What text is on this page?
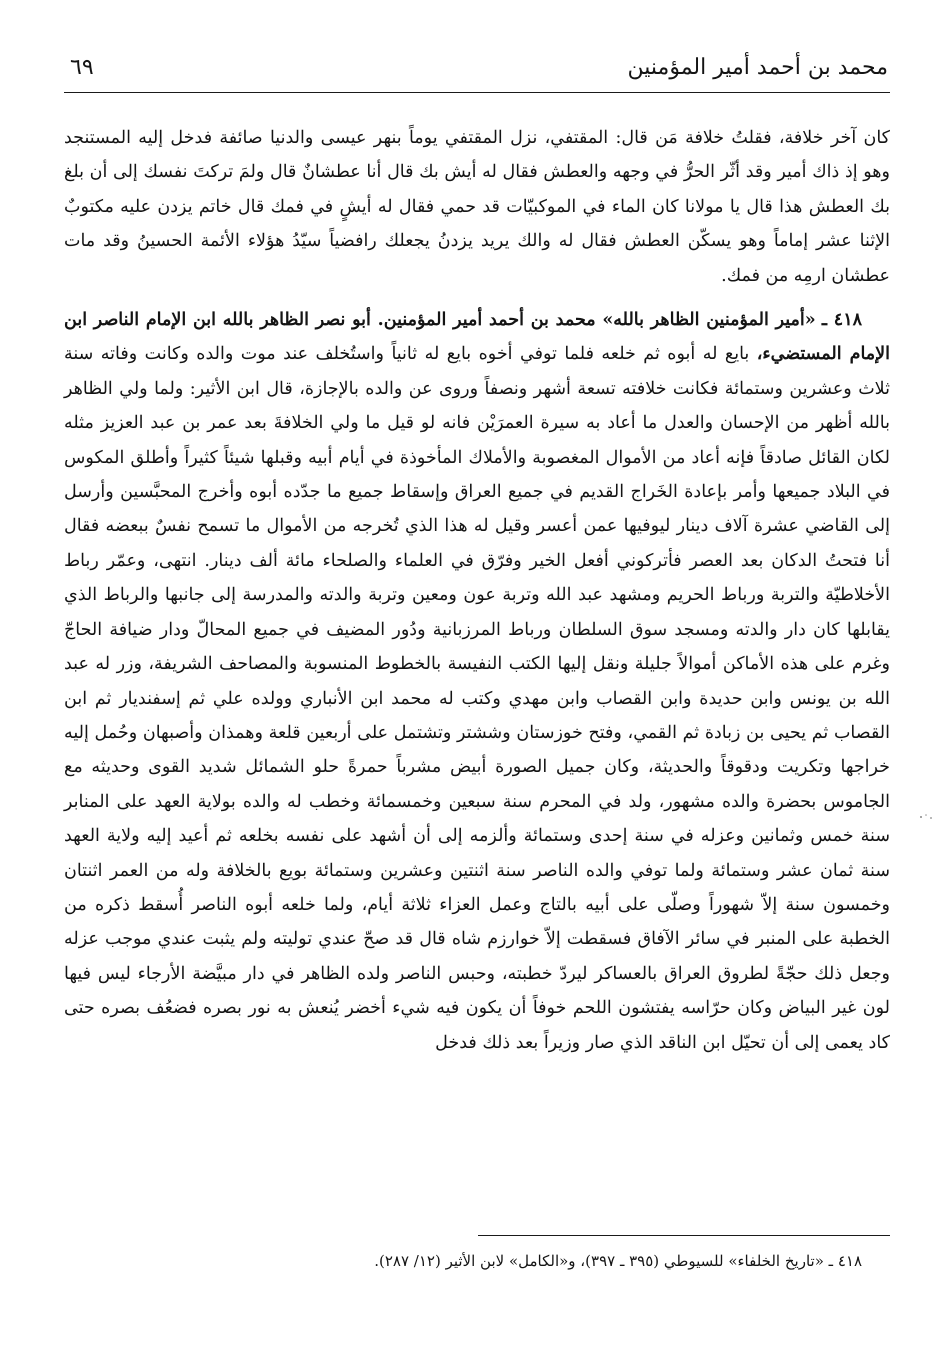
محمد بن أحمد أمير المؤمنين
٦٩

كان آخر خلافة، فقلتُ خلافة مَن قال: المقتفي، نزل المقتفي يوماً بنهر عيسى والدنيا صائفة فدخل إليه المستنجد وهو إذ ذاك أمير وقد أثّر الحرُّ في وجهه والعطش فقال له أيش بك قال أنا عطشانٌ قال ولمَ تركتَ نفسك إلى أن بلغ بك العطش هذا قال يا مولانا كان الماء في الموكبيّات قد حمي فقال له أيشٍ في فمك قال خاتم يزدن عليه مكتوبٌ الإثنا عشر إماماً وهو يسكّن العطش فقال له والك يريد يزدنُ يجعلك رافضياً سيّدُ هؤلاء الأئمة الحسينُ وقد مات عطشان ارمِه من فمك.

٤١٨ ـ «أمير المؤمنين الظاهر بالله» محمد بن أحمد أمير المؤمنين. أبو نصر الظاهر بالله ابن الإمام الناصر ابن الإمام المستضيء، بايع له أبوه ثم خلعه فلما توفي أخوه بايع له ثانياً واستُخلف عند موت والده وكانت وفاته سنة ثلاث وعشرين وستمائة فكانت خلافته تسعة أشهر ونصفاً وروى عن والده بالإجازة، قال ابن الأثير: ولما ولي الظاهر بالله أظهر من الإحسان والعدل ما أعاد به سيرة العمرَيْن فانه لو قيل ما ولي الخلافةَ بعد عمر بن عبد العزيز مثله لكان القائل صادقاً فإنه أعاد من الأموال المغصوبة والأملاك المأخوذة في أيام أبيه وقبلها شيئاً كثيراً وأطلق المكوس في البلاد جميعها وأمر بإعادة الخَراج القديم في جميع العراق وإسقاط جميع ما جدّده أبوه وأخرج المحبَّسين وأرسل إلى القاضي عشرة آلاف دينار ليوفيها عمن أعسر وقيل له هذا الذي تُخرجه من الأموال ما تسمح نفسٌ ببعضه فقال أنا فتحتُ الدكان بعد العصر فأتركوني أفعل الخير وفرّق في العلماء والصلحاء مائة ألف دينار. انتهى، وعمّر رباط الأخلاطيّة والتربة ورباط الحريم ومشهد عبد الله وتربة عون ومعين وتربة والدته والمدرسة إلى جانبها والرباط الذي يقابلها كان دار والدته ومسجد سوق السلطان ورباط المرزبانية ودُور المضيف في جميع المحالّ ودار ضيافة الحاجّ وغرم على هذه الأماكن أموالاً جليلة ونقل إليها الكتب النفيسة بالخطوط المنسوبة والمصاحف الشريفة، وزر له عبد الله بن يونس وابن حديدة وابن القصاب وابن مهدي وكتب له محمد ابن الأنباري وولده علي ثم إسفنديار ثم ابن القصاب ثم يحيى بن زبادة ثم القمي، وفتح خوزستان وششتر وتشتمل على أربعين قلعة وهمذان وأصبهان وحُمل إليه خراجها وتكريت ودقوقاً والحديثة، وكان جميل الصورة أبيض مشرباً حمرةً حلو الشمائل شديد القوى وحديثه مع الجاموس بحضرة والده مشهور، ولد في المحرم سنة سبعين وخمسمائة وخطب له والده بولاية العهد على المنابر سنة خمس وثمانين وعزله في سنة إحدى وستمائة وألزمه إلى أن أشهد على نفسه بخلعه ثم أعيد إليه ولاية العهد سنة ثمان عشر وستمائة ولما توفي والده الناصر سنة اثنتين وعشرين وستمائة بويع بالخلافة وله من العمر اثنتان وخمسون سنة إلاّ شهوراً وصلّى على أبيه بالتاج وعمل العزاء ثلاثة أيام، ولما خلعه أبوه الناصر أُسقط ذكره من الخطبة على المنبر في سائر الآفاق فسقطت إلاّ خوارزم شاه قال قد صحّ عندي توليته ولم يثبت عندي موجب عزله وجعل ذلك حجّةً لطروق العراق بالعساكر ليردّ خطبته، وحبس الناصر ولده الظاهر في دار مبيَّضة الأرجاء ليس فيها لون غير البياض وكان حرّاسه يفتشون اللحم خوفاً أن يكون فيه شيء أخضر يُنعش به نور بصره فضعُف بصره حتى كاد يعمى إلى أن تحيّل ابن الناقد الذي صار وزيراً بعد ذلك فدخل

٤١٨ ـ «تاريخ الخلفاء» للسيوطي (٣٩٥ ـ ٣٩٧)، و«الكامل» لابن الأثير (١٢/ ٢٨٧).
